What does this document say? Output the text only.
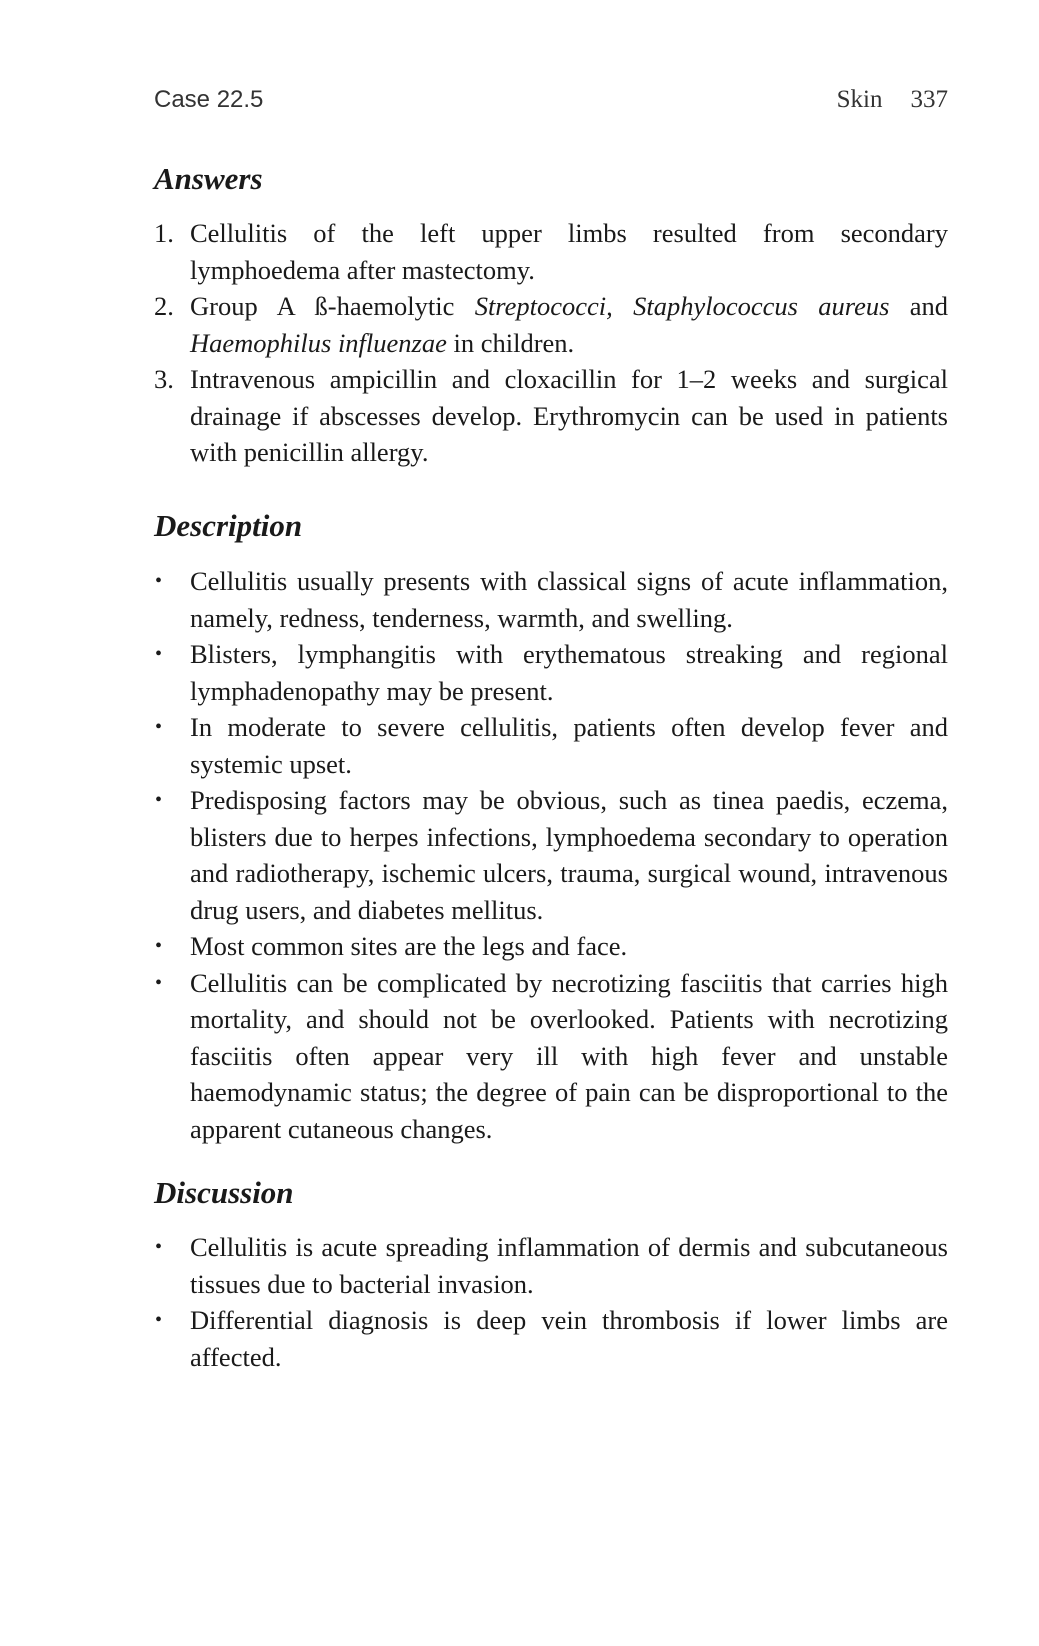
Case 22.5	Skin 337
Answers
1. Cellulitis of the left upper limbs resulted from secondary lymphoedema after mastectomy.
2. Group A ß-haemolytic Streptococci, Staphylococcus aureus and Haemophilus influenzae in children.
3. Intravenous ampicillin and cloxacillin for 1–2 weeks and surgical drainage if abscesses develop. Erythromycin can be used in patients with penicillin allergy.
Description
• Cellulitis usually presents with classical signs of acute inflammation, namely, redness, tenderness, warmth, and swelling.
• Blisters, lymphangitis with erythematous streaking and regional lymphadenopathy may be present.
• In moderate to severe cellulitis, patients often develop fever and systemic upset.
• Predisposing factors may be obvious, such as tinea paedis, eczema, blisters due to herpes infections, lymphoedema secondary to operation and radiotherapy, ischemic ulcers, trauma, surgical wound, intravenous drug users, and diabetes mellitus.
• Most common sites are the legs and face.
• Cellulitis can be complicated by necrotizing fasciitis that carries high mortality, and should not be overlooked. Patients with necrotizing fasciitis often appear very ill with high fever and unstable haemodynamic status; the degree of pain can be disproportional to the apparent cutaneous changes.
Discussion
• Cellulitis is acute spreading inflammation of dermis and subcutaneous tissues due to bacterial invasion.
• Differential diagnosis is deep vein thrombosis if lower limbs are affected.
